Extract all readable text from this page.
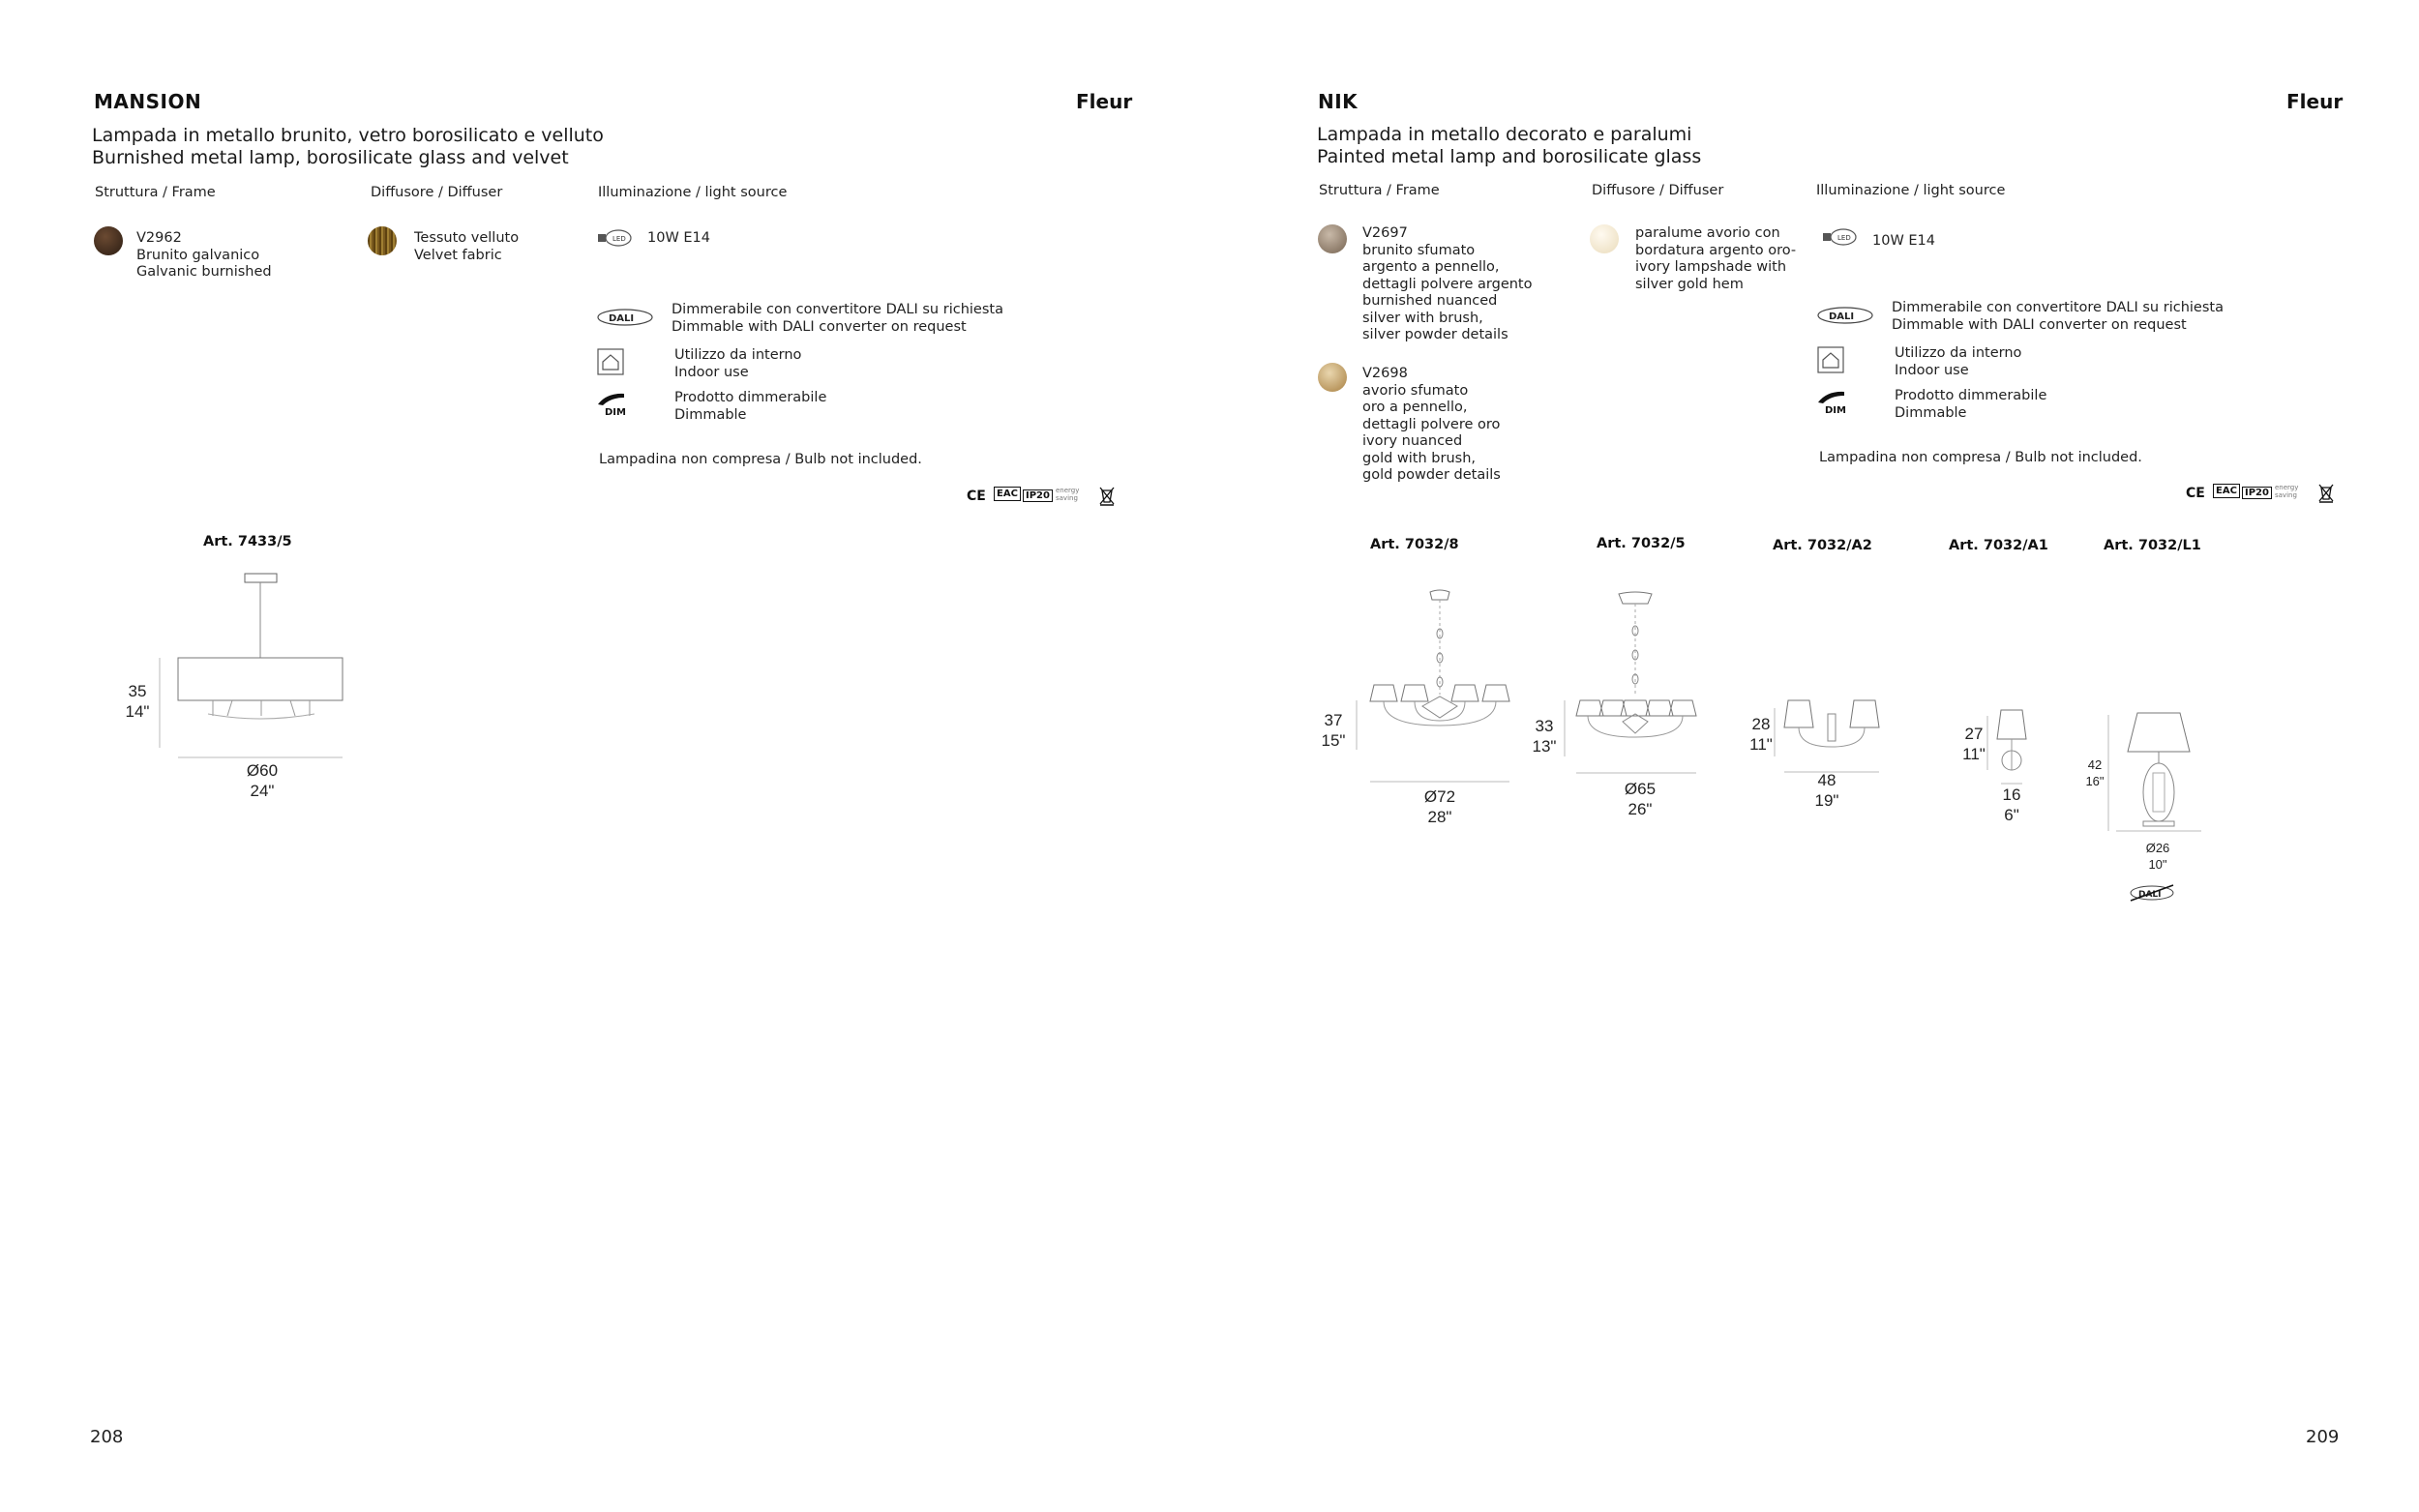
MANSION	Fleur
Lampada in metallo brunito, vetro borosilicato e velluto
Burnished metal lamp, borosilicate glass and velvet
Struttura / Frame	Diffusore / Diffuser	Illuminazione / light source
V2962
Brunito galvanico
Galvanic burnished
Tessuto velluto
Velvet fabric
LED 10W E14
DALI
Dimmerabile con convertitore DALI su richiesta
Dimmable with DALI converter on request
Utilizzo da interno
Indoor use
DIM
Prodotto dimmerabile
Dimmable
Lampadina non compresa / Bulb not included.
CE	EAC IP20 energy saving
Art. 7433/5
35
14"
Ø60
24"
208
NIK	Fleur
Lampada in metallo decorato e paralumi
Painted metal lamp and borosilicate glass
Struttura / Frame	Diffusore / Diffuser	Illuminazione / light source
V2697
brunito sfumato
argento a pennello,
dettagli polvere argento
burnished nuanced
silver with brush,
silver powder details
V2698
avorio sfumato
oro a pennello,
dettagli polvere oro
ivory nuanced
gold with brush,
gold powder details
paralume avorio con
bordatura argento oro-
ivory lampshade with
silver gold hem
LED 10W E14
DALI
Dimmerabile con convertitore DALI su richiesta
Dimmable with DALI converter on request
Utilizzo da interno
Indoor use
DIM
Prodotto dimmerabile
Dimmable
Lampadina non compresa / Bulb not included.
CE	EAC IP20 energy saving
Art. 7032/8
37
15"
Ø72
28"
Art. 7032/5
33
13"
Ø65
26"
Art. 7032/A2
28
11"
48
19"
Art. 7032/A1
27
11"
16
6"
Art. 7032/L1
42
16"
Ø26
10"
DALI
209
